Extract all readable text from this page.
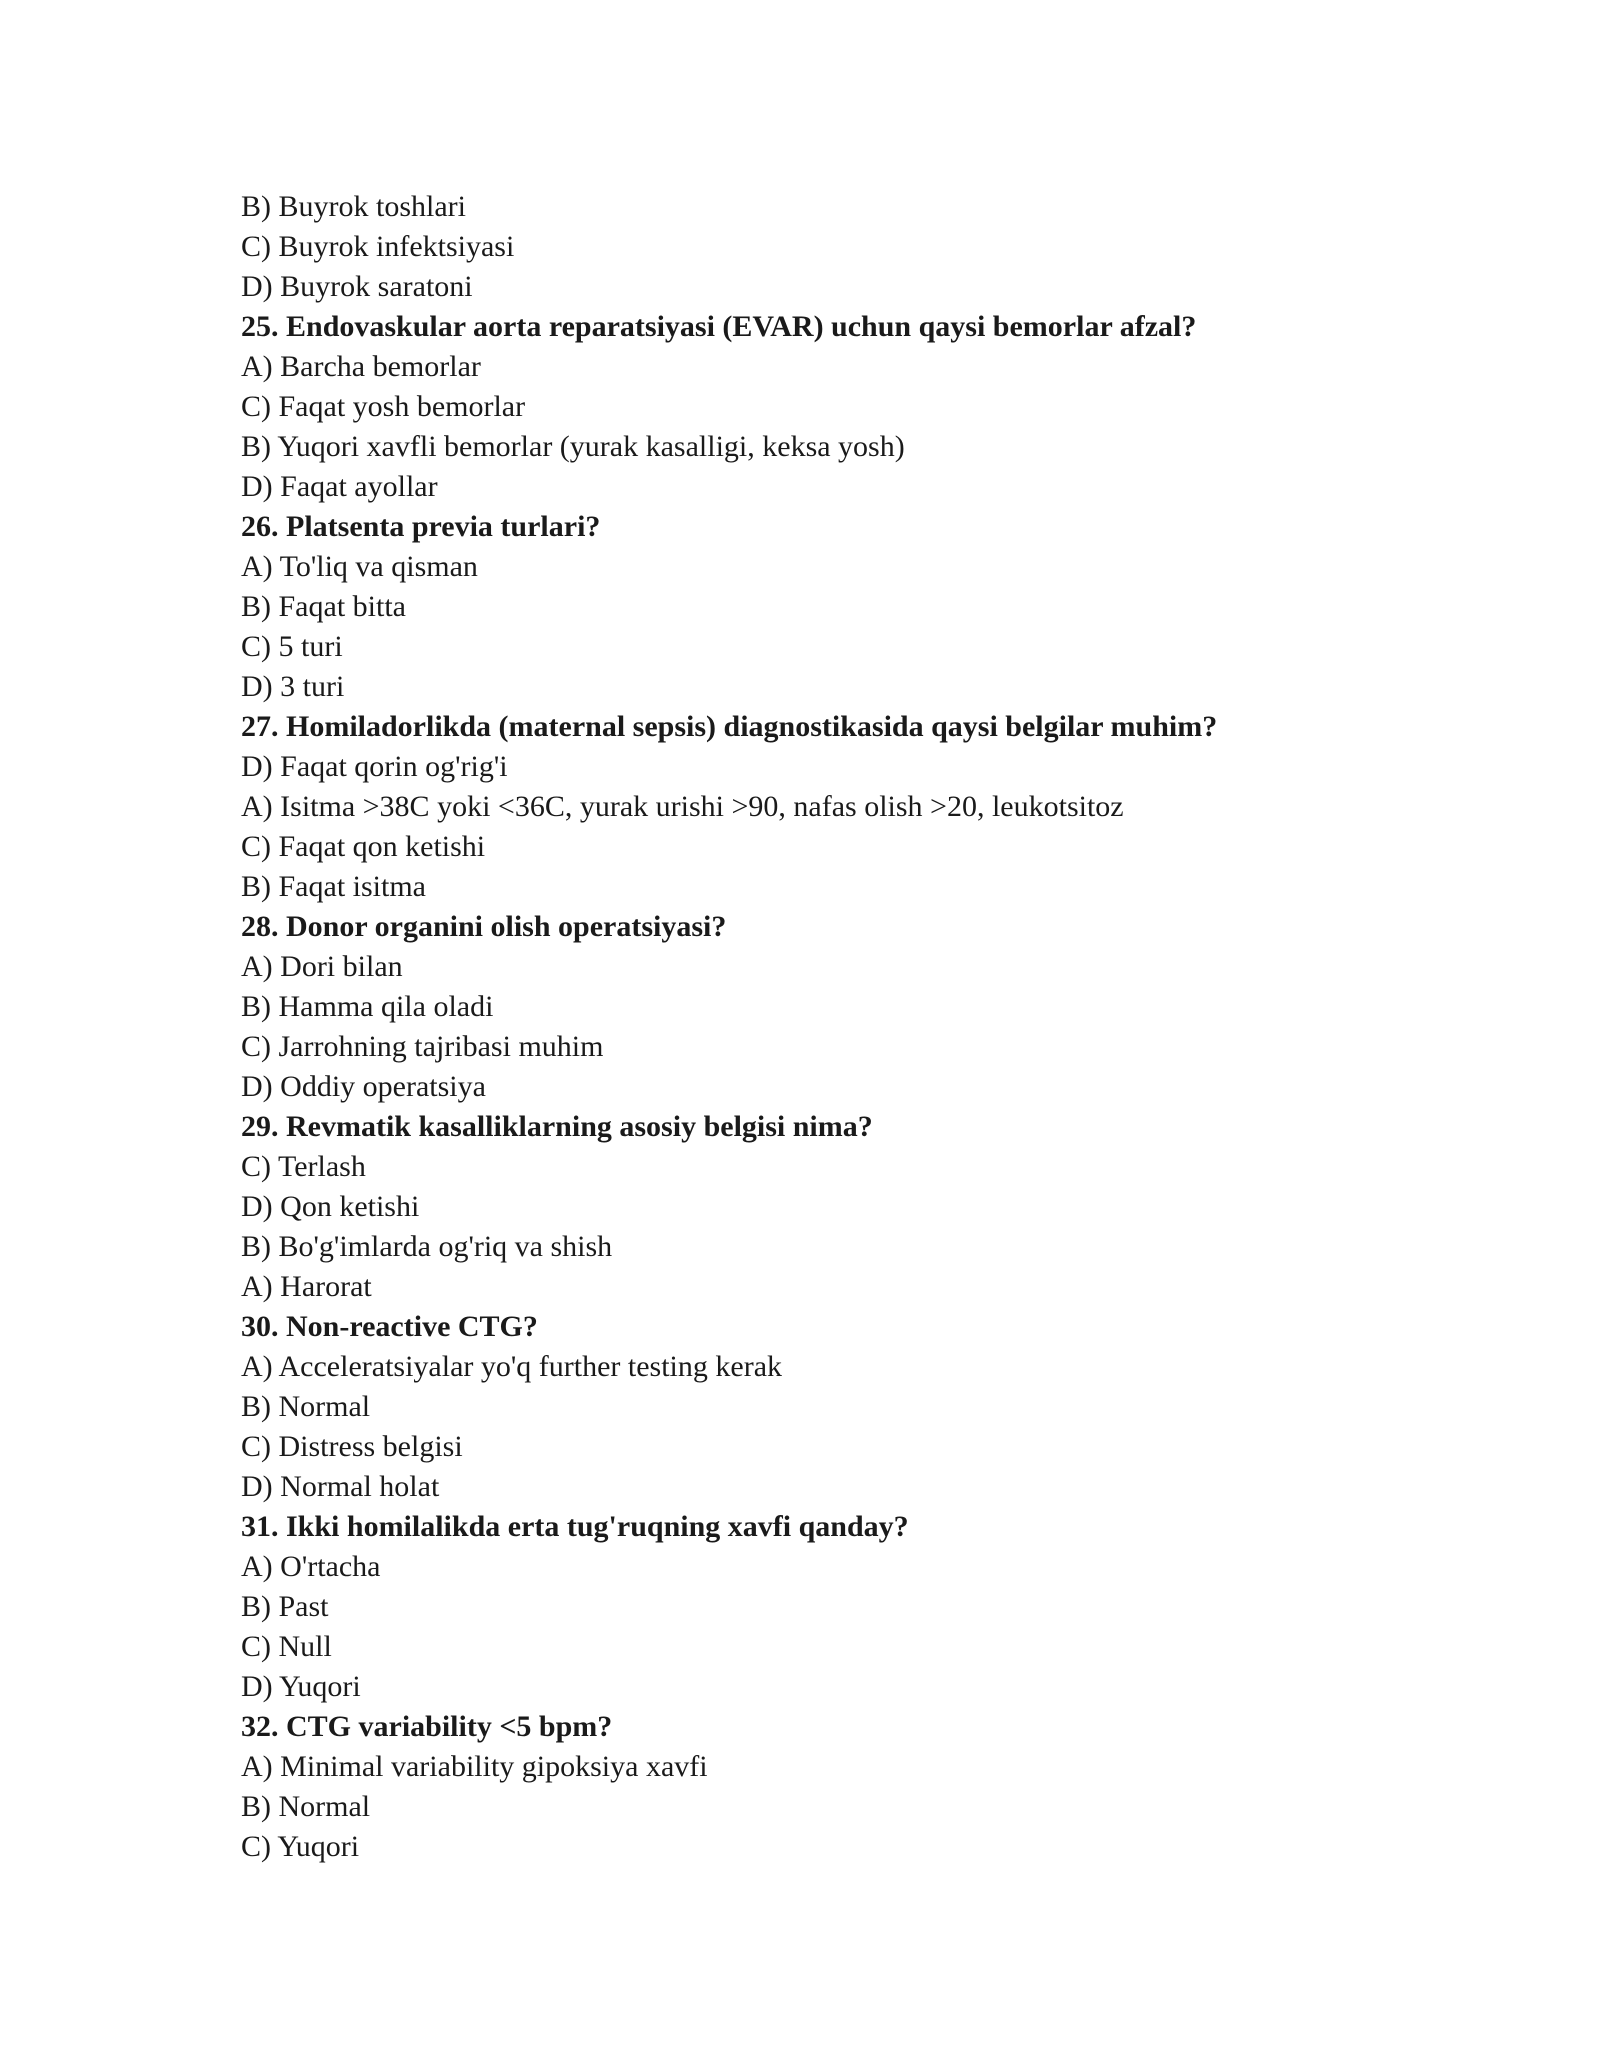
B) Buyrok toshlari
C) Buyrok infektsiyasi
D) Buyrok saratoni
25. Endovaskular aorta reparatsiyasi (EVAR) uchun qaysi bemorlar afzal?
A) Barcha bemorlar
C) Faqat yosh bemorlar
B) Yuqori xavfli bemorlar (yurak kasalligi, keksa yosh)
D) Faqat ayollar
26. Platsenta previa turlari?
A) To'liq va qisman
B) Faqat bitta
C) 5 turi
D) 3 turi
27. Homiladorlikda (maternal sepsis) diagnostikasida qaysi belgilar muhim?
D) Faqat qorin og'rig'i
A) Isitma >38C yoki <36C, yurak urishi >90, nafas olish >20, leukotsitoz
C) Faqat qon ketishi
B) Faqat isitma
28. Donor organini olish operatsiyasi?
A) Dori bilan
B) Hamma qila oladi
C) Jarrohning tajribasi muhim
D) Oddiy operatsiya
29. Revmatik kasalliklarning asosiy belgisi nima?
C) Terlash
D) Qon ketishi
B) Bo'g'imlarda og'riq va shish
A) Harorat
30. Non-reactive CTG?
A) Acceleratsiyalar yo'q further testing kerak
B) Normal
C) Distress belgisi
D) Normal holat
31. Ikki homilalikda erta tug'ruqning xavfi qanday?
A) O'rtacha
B) Past
C) Null
D) Yuqori
32. CTG variability <5 bpm?
A) Minimal variability gipoksiya xavfi
B) Normal
C) Yuqori
